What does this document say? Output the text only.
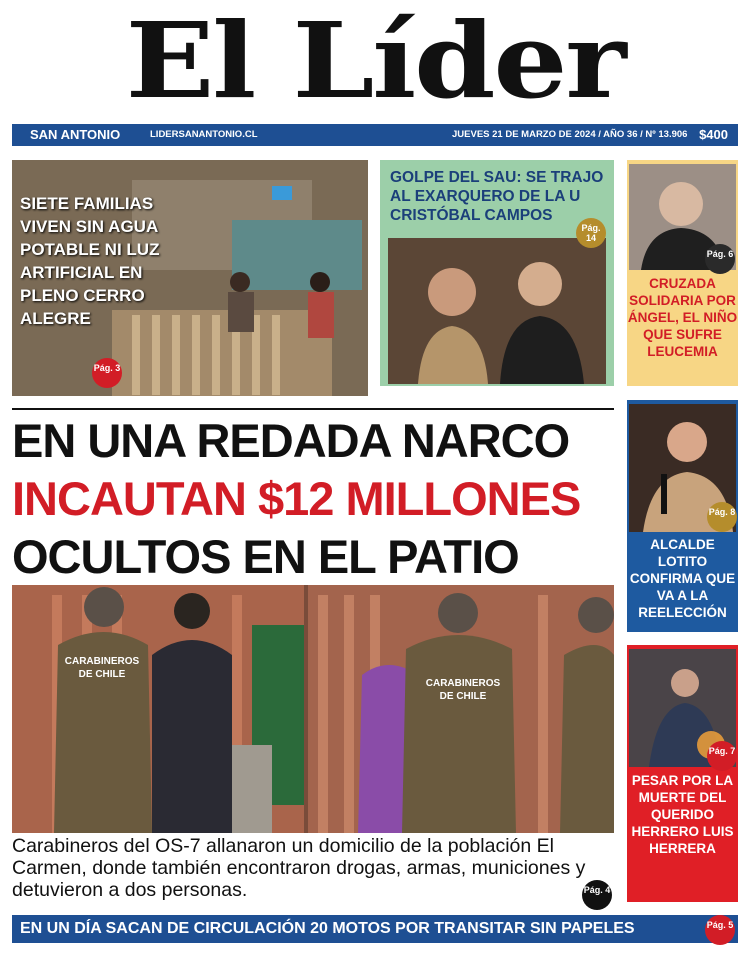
El Líder
SAN ANTONIO	LIDERSANANTONIO.CL	JUEVES 21 DE MARZO DE 2024 / AÑO 36 / Nº 13.906 $400
SIETE FAMILIAS VIVEN SIN AGUA POTABLE NI LUZ ARTIFICIAL EN PLENO CERRO ALEGRE
Pág. 3
GOLPE DEL SAU: SE TRAJO AL EXARQUERO DE LA U CRISTÓBAL CAMPOS
Pág. 14
Pág. 6
CRUZADA SOLIDARIA POR ÁNGEL, EL NIÑO QUE SUFRE LEUCEMIA
Pág. 8
ALCALDE LOTITO CONFIRMA QUE VA A LA REELECCIÓN
Pág. 7
PESAR POR LA MUERTE DEL QUERIDO HERRERO LUIS HERRERA
EN UNA REDADA NARCO
INCAUTAN $12 MILLONES
OCULTOS EN EL PATIO
CARABINEROS DE CHILE
CARABINEROS DE CHILE
Carabineros del OS-7 allanaron un domicilio de la población El Carmen, donde también encontraron drogas, armas, municiones y detuvieron a dos personas.	Pág. 4
EN UN DÍA SACAN DE CIRCULACIÓN 20 MOTOS POR TRANSITAR SIN PAPELES	Pág. 5
